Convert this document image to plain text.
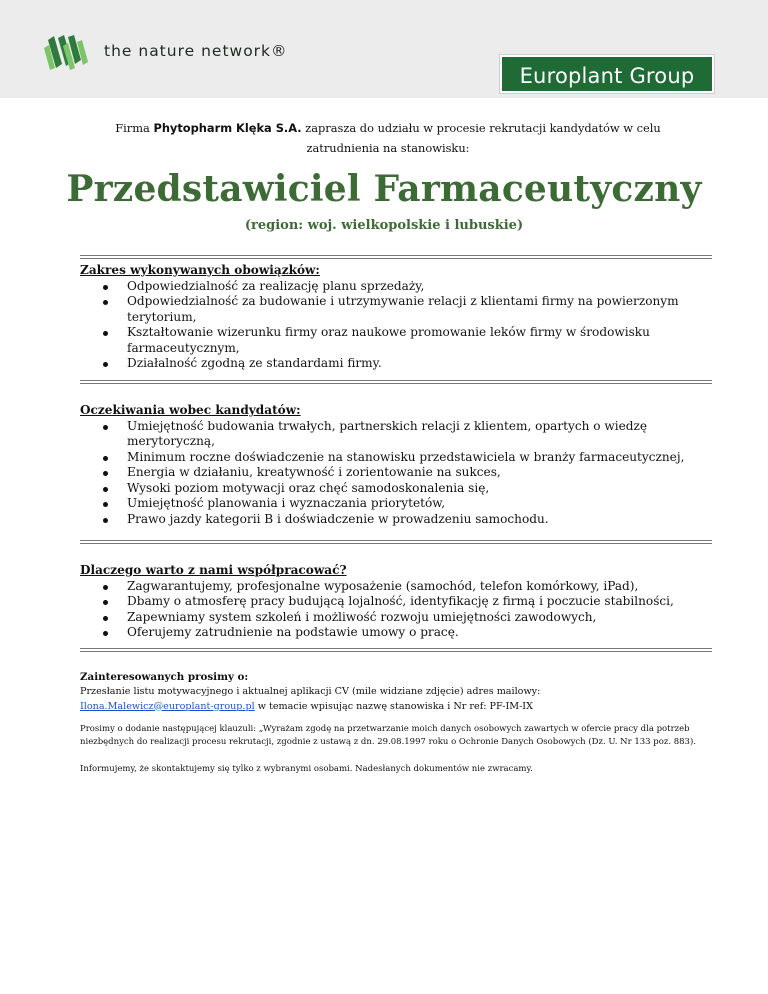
the nature network®
Europlant Group
Firma Phytopharm Klęka S.A. zaprasza do udziału w procesie rekrutacji kandydatów w celu zatrudnienia na stanowisku:
Przedstawiciel Farmaceutyczny
(region: woj. wielkopolskie i lubuskie)
Zakres wykonywanych obowiązków:
Odpowiedzialność za realizację planu sprzedaży,
Odpowiedzialność za budowanie i utrzymywanie relacji z klientami firmy na powierzonym terytorium,
Kształtowanie wizerunku firmy oraz naukowe promowanie leków firmy w środowisku farmaceutycznym,
Działalność zgodną ze standardami firmy.
Oczekiwania wobec kandydatów:
Umiejętność budowania trwałych, partnerskich relacji z klientem, opartych o wiedzę merytoryczną,
Minimum roczne doświadczenie na stanowisku przedstawiciela w branży farmaceutycznej,
Energia w działaniu, kreatywność i zorientowanie na sukces,
Wysoki poziom motywacji oraz chęć samodoskonalenia się,
Umiejętność planowania i wyznaczania priorytetów,
Prawo jazdy kategorii B i doświadczenie w prowadzeniu samochodu.
Dlaczego warto z nami współpracować?
Zagwarantujemy, profesjonalne wyposażenie (samochód, telefon komórkowy, iPad),
Dbamy o atmosferę pracy budującą lojalność, identyfikację z firmą i poczucie stabilności,
Zapewniamy system szkoleń i możliwość rozwoju umiejętności zawodowych,
Oferujemy zatrudnienie na podstawie umowy o pracę.
Zainteresowanych prosimy o:

Przesłanie listu motywacyjnego i aktualnej aplikacji CV (mile widziane zdjęcie) adres mailowy:

Ilona.Malewicz@europlant-group.pl w temacie wpisując nazwę stanowiska i Nr ref: PF-IM-IX

Prosimy o dodanie następującej klauzuli: „Wyrażam zgodę na przetwarzanie moich danych osobowych zawartych w ofercie pracy dla potrzeb niezbędnych do realizacji procesu rekrutacji, zgodnie z ustawą z dn. 29.08.1997 roku o Ochronie Danych Osobowych (Dz. U. Nr 133 poz. 883).
Informujemy, że skontaktujemy się tylko z wybranymi osobami. Nadesłanych dokumentów nie zwracamy.
